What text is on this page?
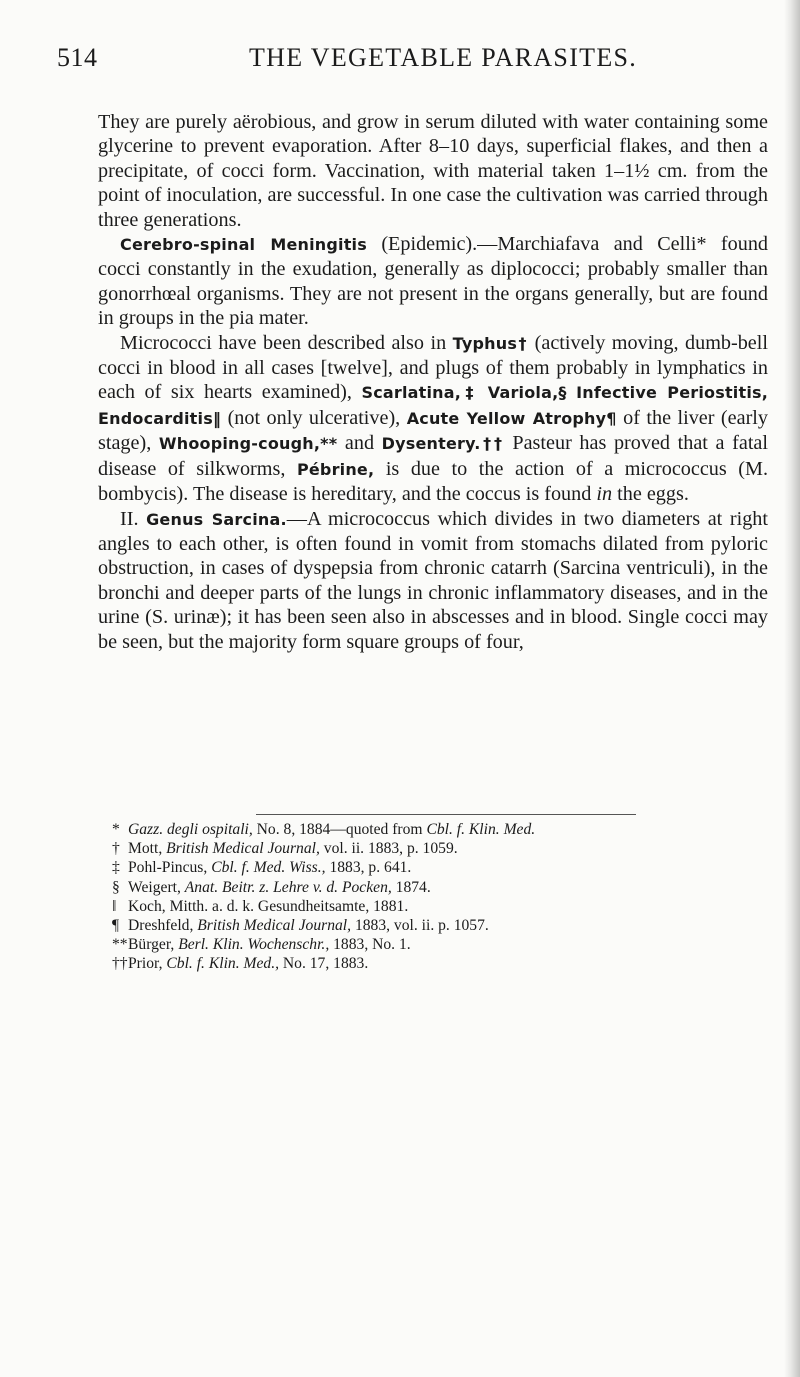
514	THE VEGETABLE PARASITES.

They are purely aërobious, and grow in serum diluted with water containing some glycerine to prevent evaporation. After 8–10 days, superficial flakes, and then a precipitate, of cocci form. Vaccination, with material taken 1–1½ cm. from the point of inoculation, are successful. In one case the cultivation was carried through three generations.

Cerebro-spinal Meningitis (Epidemic).—Marchiafava and Celli* found cocci constantly in the exudation, generally as diplococci; probably smaller than gonorrhœal organisms. They are not present in the organs generally, but are found in groups in the pia mater.

Micrococci have been described also in Typhus† (actively moving, dumb-bell cocci in blood in all cases [twelve], and plugs of them probably in lymphatics in each of six hearts examined), Scarlatina,‡ Variola,§ Infective Periostitis, Endocarditis‖ (not only ulcerative), Acute Yellow Atrophy¶ of the liver (early stage), Whooping-cough,** and Dysentery.†† Pasteur has proved that a fatal disease of silkworms, Pébrine, is due to the action of a micrococcus (M. bombycis). The disease is hereditary, and the coccus is found in the eggs.

II. Genus Sarcina.—A micrococcus which divides in two diameters at right angles to each other, is often found in vomit from stomachs dilated from pyloric obstruction, in cases of dyspepsia from chronic catarrh (Sarcina ventriculi), in the bronchi and deeper parts of the lungs in chronic inflammatory diseases, and in the urine (S. urinæ); it has been seen also in abscesses and in blood. Single cocci may be seen, but the majority form square groups of four,

* Gazz. degli ospitali, No. 8, 1884—quoted from Cbl. f. Klin. Med.
† Mott, British Medical Journal, vol. ii. 1883, p. 1059.
‡ Pohl-Pincus, Cbl. f. Med. Wiss., 1883, p. 641.
§ Weigert, Anat. Beitr. z. Lehre v. d. Pocken, 1874.
‖ Koch, Mitth. a. d. k. Gesundheitsamte, 1881.
¶ Dreshfeld, British Medical Journal, 1883, vol. ii. p. 1057.
**Bürger, Berl. Klin. Wochenschr., 1883, No. 1.
††Prior, Cbl. f. Klin. Med., No. 17, 1883.
